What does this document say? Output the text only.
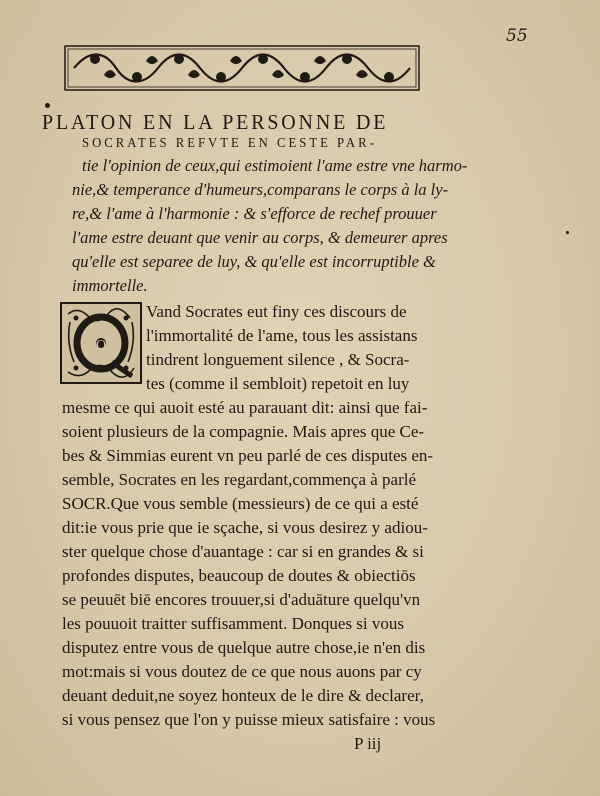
55
PLATON EN LA PERSONNE DE
SOCRATES REFVTE EN CESTE PAR-
tie l'opinion de ceux,qui estimoient l'ame estre vne harmo-
nie,& temperance d'humeurs,comparans le corps à la ly-
re,& l'ame à l'harmonie : & s'efforce de rechef prouuer
l'ame estre deuant que venir au corps, & demeurer apres
qu'elle est separee de luy, & qu'elle est incorruptible &
immortelle.
Q
Vand Socrates eut finy ces discours de
l'immortalité de l'ame, tous les assistans
tindrent longuement silence , & Socra-
tes (comme il sembloit) repetoit en luy
mesme ce qui auoit esté au parauant dit: ainsi que fai-
soient plusieurs de la compagnie. Mais apres que Ce-
bes & Simmias eurent vn peu parlé de ces disputes en-
semble, Socrates en les regardant,commença à parlé
SOCR.Que vous semble (messieurs) de ce qui a esté
dit:ie vous prie que ie sçache, si vous desirez y adiou-
ster quelque chose d'auantage : car si en grandes & si
profondes disputes, beaucoup de doutes & obiectiōs
se peuuēt biē encores trouuer,si d'aduāture quelqu'vn
les pouuoit traitter suffisamment. Donques si vous
disputez entre vous de quelque autre chose,ie n'en dis
mot:mais si vous doutez de ce que nous auons par cy
deuant deduit,ne soyez honteux de le dire & declarer,
si vous pensez que l'on y puisse mieux satisfaire : vous
P iij
